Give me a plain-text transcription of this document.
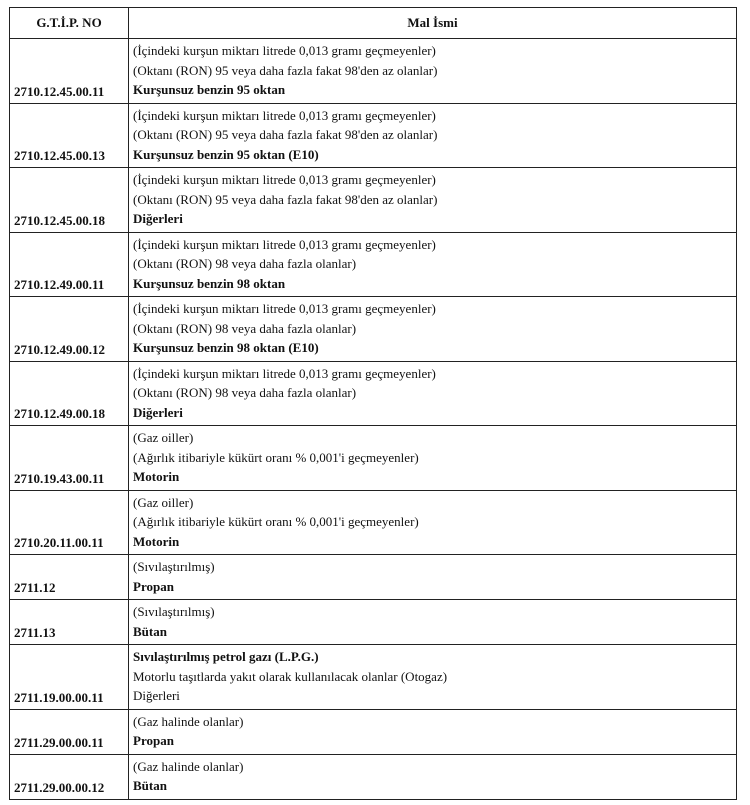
G.T.İ.P. NO	Mal İsmi
2710.12.45.00.11	(İçindeki kurşun miktarı litrede 0,013 gramı geçmeyenler)
(Oktanı (RON) 95 veya daha fazla fakat 98'den az olanlar)
Kurşunsuz benzin 95 oktan

2710.12.45.00.13	(İçindeki kurşun miktarı litrede 0,013 gramı geçmeyenler)
(Oktanı (RON) 95 veya daha fazla fakat 98'den az olanlar)
Kurşunsuz benzin 95 oktan (E10)

2710.12.45.00.18	(İçindeki kurşun miktarı litrede 0,013 gramı geçmeyenler)
(Oktanı (RON) 95 veya daha fazla fakat 98'den az olanlar)
Diğerleri

2710.12.49.00.11	(İçindeki kurşun miktarı litrede 0,013 gramı geçmeyenler)
(Oktanı (RON) 98 veya daha fazla olanlar)
Kurşunsuz benzin 98 oktan

2710.12.49.00.12	(İçindeki kurşun miktarı litrede 0,013 gramı geçmeyenler)
(Oktanı (RON) 98 veya daha fazla olanlar)
Kurşunsuz benzin 98 oktan (E10)

2710.12.49.00.18	(İçindeki kurşun miktarı litrede 0,013 gramı geçmeyenler)
(Oktanı (RON) 98 veya daha fazla olanlar)
Diğerleri

2710.19.43.00.11	(Gaz oiller)
(Ağırlık itibariyle kükürt oranı % 0,001'i geçmeyenler)
Motorin

2710.20.11.00.11	(Gaz oiller)
(Ağırlık itibariyle kükürt oranı % 0,001'i geçmeyenler)
Motorin

2711.12	(Sıvılaştırılmış)
Propan

2711.13	(Sıvılaştırılmış)
Bütan

2711.19.00.00.11	Sıvılaştırılmış petrol gazı (L.P.G.)
Motorlu taşıtlarda yakıt olarak kullanılacak olanlar (Otogaz)
Diğerleri

2711.29.00.00.11	(Gaz halinde olanlar)
Propan

2711.29.00.00.12	(Gaz halinde olanlar)
Bütan
